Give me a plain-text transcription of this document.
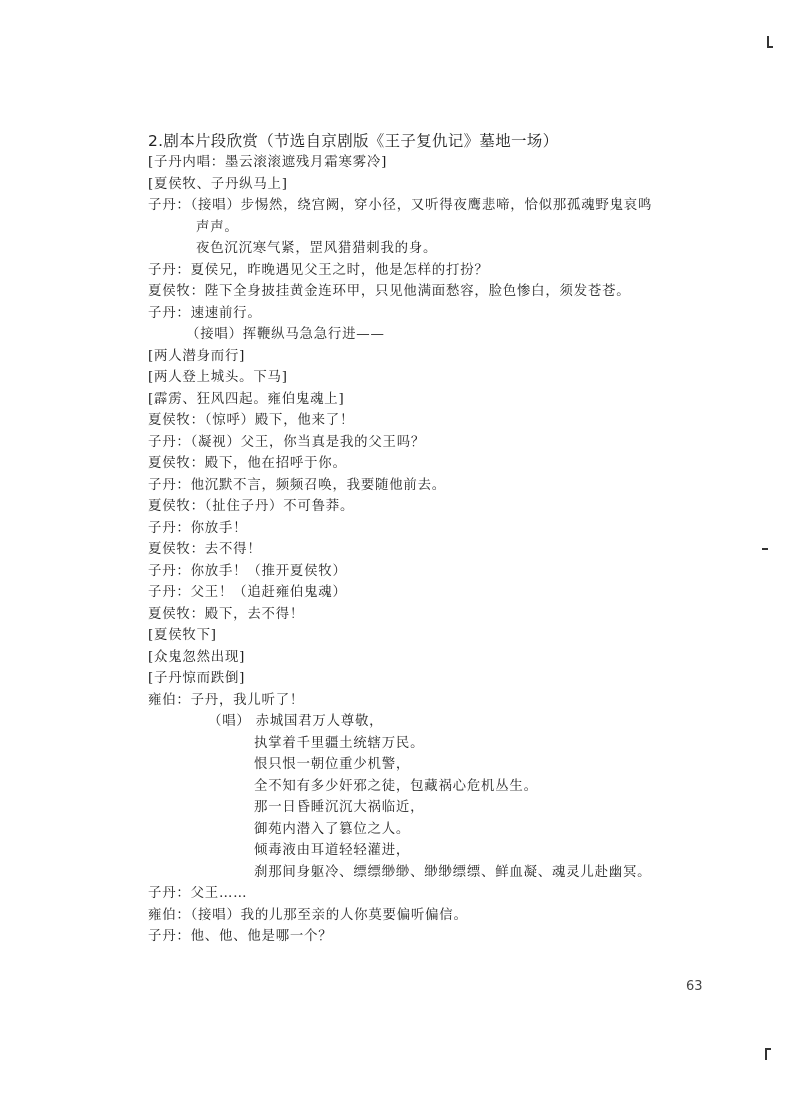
2.剧本片段欣赏（节选自京剧版《王子复仇记》墓地一场）
[子丹内唱：墨云滚滚遮残月霜寒雾冷]
[夏侯牧、子丹纵马上]
子丹：（接唱）步惕然，绕宫阙，穿小径，又听得夜鹰悲啼，恰似那孤魂野鬼哀鸣
声声。
夜色沉沉寒气紧，罡风猎猎刺我的身。
子丹：夏侯兄，昨晚遇见父王之时，他是怎样的打扮？
夏侯牧：陛下全身披挂黄金连环甲，只见他满面愁容，脸色惨白，须发苍苍。
子丹：速速前行。
（接唱）挥鞭纵马急急行进——
[两人潜身而行]
[两人登上城头。下马]
[霹雳、狂风四起。雍伯鬼魂上]
夏侯牧：（惊呼）殿下，他来了！
子丹：（凝视）父王，你当真是我的父王吗？
夏侯牧：殿下，他在招呼于你。
子丹：他沉默不言，频频召唤，我要随他前去。
夏侯牧：（扯住子丹）不可鲁莽。
子丹：你放手！
夏侯牧：去不得！
子丹：你放手！（推开夏侯牧）
子丹：父王！（追赶雍伯鬼魂）
夏侯牧：殿下，去不得！
[夏侯牧下]
[众鬼忽然出现]
[子丹惊而跌倒]
雍伯：子丹，我儿听了！
（唱） 赤城国君万人尊敬，
执掌着千里疆土统辖万民。
恨只恨一朝位重少机警，
全不知有多少奸邪之徒，包藏祸心危机丛生。
那一日昏睡沉沉大祸临近，
御苑内潜入了篡位之人。
倾毒液由耳道轻轻灌进，
刹那间身躯冷、缥缥缈缈、缈缈缥缥、鲜血凝、魂灵儿赴幽冥。
子丹：父王……
雍伯：（接唱）我的儿那至亲的人你莫要偏听偏信。
子丹：他、他、他是哪一个？
63
